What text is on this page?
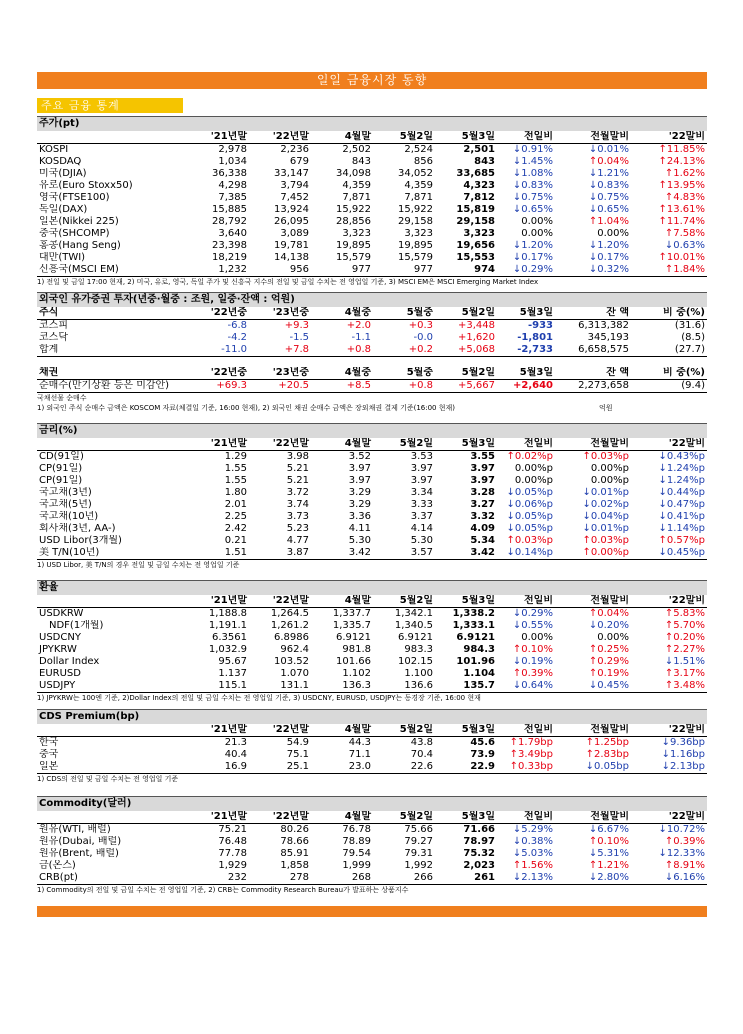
일일 금융시장 동향
주요 금융 통계
주가(pt)
	'21년말	'22년말	4월말	5월2일	5월3일	전일비	전월말비	'22말비
KOSPI	2,978	2,236	2,502	2,524	2,501	↓0.91%	↓0.01%	↑11.85%
KOSDAQ	1,034	679	843	856	843	↓1.45%	↑0.04%	↑24.13%
미국(DJIA)	36,338	33,147	34,098	34,052	33,685	↓1.08%	↓1.21%	↑1.62%
유로(Euro Stoxx50)	4,298	3,794	4,359	4,359	4,323	↓0.83%	↓0.83%	↑13.95%
영국(FTSE100)	7,385	7,452	7,871	7,871	7,812	↓0.75%	↓0.75%	↑4.83%
독일(DAX)	15,885	13,924	15,922	15,922	15,819	↓0.65%	↓0.65%	↑13.61%
일본(Nikkei 225)	28,792	26,095	28,856	29,158	29,158	0.00%	↑1.04%	↑11.74%
중국(SHCOMP)	3,640	3,089	3,323	3,323	3,323	0.00%	0.00%	↑7.58%
홍콩(Hang Seng)	23,398	19,781	19,895	19,895	19,656	↓1.20%	↓1.20%	↓0.63%
대만(TWI)	18,219	14,138	15,579	15,579	15,553	↓0.17%	↓0.17%	↑10.01%
신흥국(MSCI EM)	1,232	956	977	977	974	↓0.29%	↓0.32%	↑1.84%
1) 전일 및 금일 17:00 현재, 2) 미국, 유로, 영국, 독일 주가 및 신흥국 지수의 전일 및 금일 수치는 전 영업일 기준, 3) MSCI EM은 MSCI Emerging Market Index
외국인 유가증권 투자(년중·월중 : 조원, 일중·잔액 : 억원)
주식	'22년중	'23년중	4월중	5월중	5월2일	5월3일	잔 액	비 중(%)
코스피	-6.8	+9.3	+2.0	+0.3	+3,448	-933	6,313,382	(31.6)
코스닥	-4.2	-1.5	-1.1	-0.0	+1,620	-1,801	345,193	(8.5)
합계	-11.0	+7.8	+0.8	+0.2	+5,068	-2,733	6,658,575	(27.7)
채권	'22년중	'23년중	4월중	5월중	5월2일	5월3일	잔 액	비 중(%)
순매수(만기상환 등은 미감안)	+69.3	+20.5	+8.5	+0.8	+5,667	+2,640	2,273,658	(9.4)
국채선물 순매수
1) 외국인 주식 순매수 금액은 KOSCOM 자료(체결일 기준, 16:00 현재), 2) 외국인 채권 순매수 금액은 장외채권 결제 기준(16:00 현재)	억원
금리(%)
	'21년말	'22년말	4월말	5월2일	5월3일	전일비	전월말비	'22말비
CD(91일)	1.29	3.98	3.52	3.53	3.55	↑0.02%p	↑0.03%p	↓0.43%p
CP(91일)	1.55	5.21	3.97	3.97	3.97	0.00%p	0.00%p	↓1.24%p
CP(91일)	1.55	5.21	3.97	3.97	3.97	0.00%p	0.00%p	↓1.24%p
국고채(3년)	1.80	3.72	3.29	3.34	3.28	↓0.05%p	↓0.01%p	↓0.44%p
국고채(5년)	2.01	3.74	3.29	3.33	3.27	↓0.06%p	↓0.02%p	↓0.47%p
국고채(10년)	2.25	3.73	3.36	3.37	3.32	↓0.05%p	↓0.04%p	↓0.41%p
회사채(3년, AA-)	2.42	5.23	4.11	4.14	4.09	↓0.05%p	↓0.01%p	↓1.14%p
USD Libor(3개월)	0.21	4.77	5.30	5.30	5.34	↑0.03%p	↑0.03%p	↑0.57%p
美 T/N(10년)	1.51	3.87	3.42	3.57	3.42	↓0.14%p	↑0.00%p	↓0.45%p
1) USD Libor, 美 T/N의 경우 전일 및 금일 수치는 전 영업일 기준
환율
	'21년말	'22년말	4월말	5월2일	5월3일	전일비	전월말비	'22말비
USDKRW	1,188.8	1,264.5	1,337.7	1,342.1	1,338.2	↓0.29%	↑0.04%	↑5.83%
NDF(1개월)	1,191.1	1,261.2	1,335.7	1,340.5	1,333.1	↓0.55%	↓0.20%	↑5.70%
USDCNY	6.3561	6.8986	6.9121	6.9121	6.9121	0.00%	0.00%	↑0.20%
JPYKRW	1,032.9	962.4	981.8	983.3	984.3	↑0.10%	↑0.25%	↑2.27%
Dollar Index	95.67	103.52	101.66	102.15	101.96	↓0.19%	↑0.29%	↓1.51%
EURUSD	1.137	1.070	1.102	1.100	1.104	↑0.39%	↑0.19%	↑3.17%
USDJPY	115.1	131.1	136.3	136.6	135.7	↓0.64%	↓0.45%	↑3.48%
1) JPYKRW는 100엔 기준, 2)Dollar Index의 전일 및 금일 수치는 전 영업일 기준, 3) USDCNY, EURUSD, USDJPY는 동경장 기준, 16:00 현재
CDS Premium(bp)
	'21년말	'22년말	4월말	5월2일	5월3일	전일비	전월말비	'22말비
한국	21.3	54.9	44.3	43.8	45.6	↑1.79bp	↑1.25bp	↓9.36bp
중국	40.4	75.1	71.1	70.4	73.9	↑3.49bp	↑2.83bp	↓1.16bp
일본	16.9	25.1	23.0	22.6	22.9	↑0.33bp	↓0.05bp	↓2.13bp
1) CDS의 전일 및 금일 수치는 전 영업일 기준
Commodity(달러)
	'21년말	'22년말	4월말	5월2일	5월3일	전일비	전월말비	'22말비
원유(WTI, 배럴)	75.21	80.26	76.78	75.66	71.66	↓5.29%	↓6.67%	↓10.72%
원유(Dubai, 배럴)	76.48	78.66	78.89	79.27	78.97	↓0.38%	↑0.10%	↑0.39%
원유(Brent, 배럴)	77.78	85.91	79.54	79.31	75.32	↓5.03%	↓5.31%	↓12.33%
금(온스)	1,929	1,858	1,999	1,992	2,023	↑1.56%	↑1.21%	↑8.91%
CRB(pt)	232	278	268	266	261	↓2.13%	↓2.80%	↓6.16%
1) Commodity의 전일 및 금일 수치는 전 영업일 기준, 2) CRB는 Commodity Research Bureau가 발표하는 상품지수
